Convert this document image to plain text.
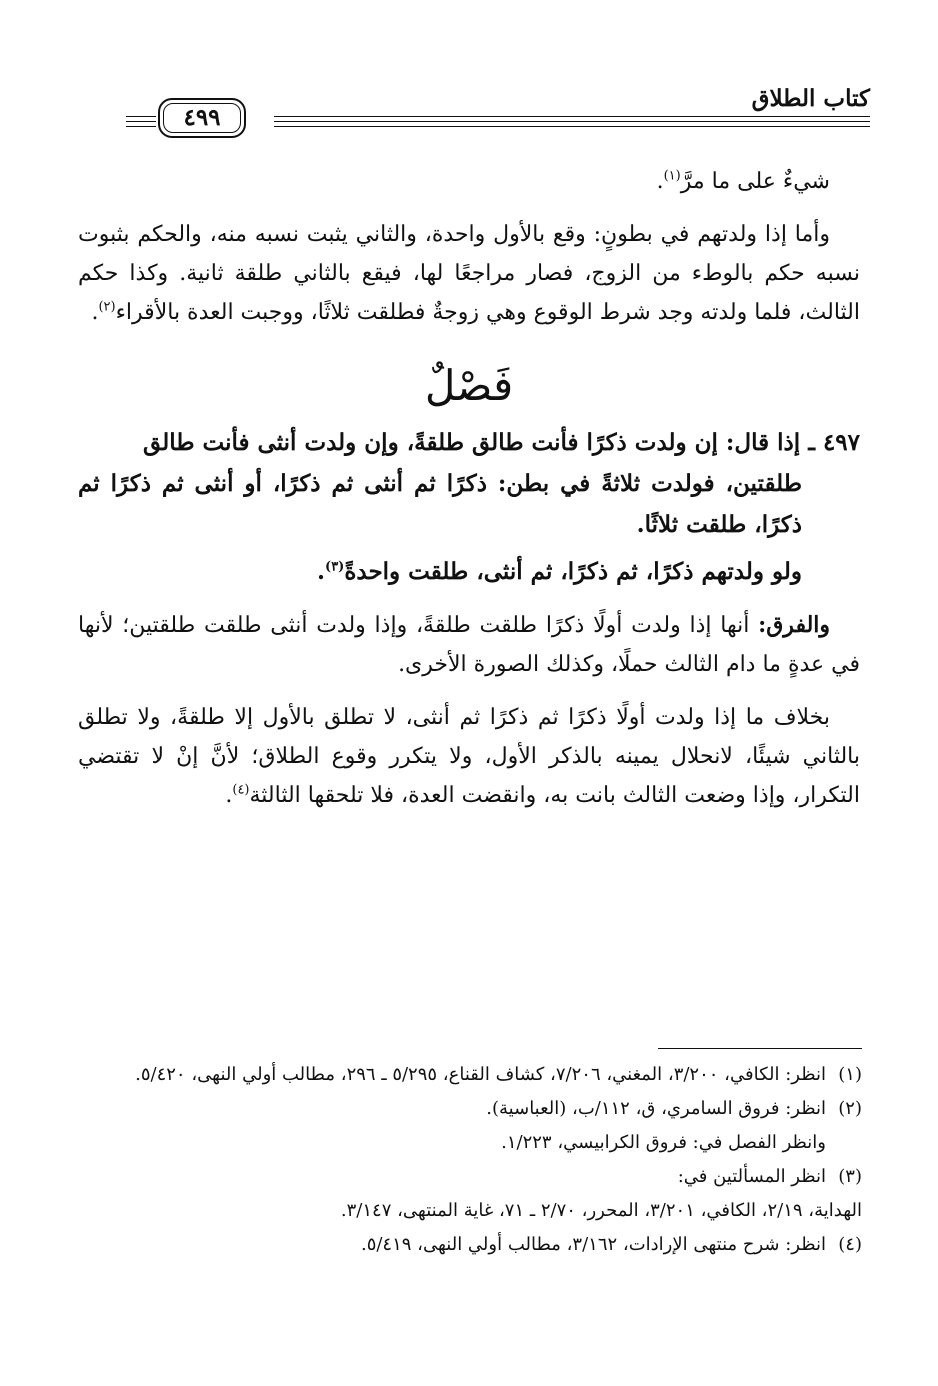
كتاب الطلاق
٤٩٩

شيءٌ على ما مرَّ$^{(١)}$.

وأما إذا ولدتهم في بطونٍ: وقع بالأول واحدة، والثاني يثبت نسبه منه، والحكم بثبوت نسبه حكم بالوطء من الزوج، فصار مراجعًا لها، فيقع بالثاني طلقة ثانية. وكذا حكم الثالث، فلما ولدته وجد شرط الوقوع وهي زوجةٌ فطلقت ثلاثًا، ووجبت العدة بالأقراء$^{(٢)}$.

فَصْلٌ

٤٩٧ ـ إذا قال: إن ولدت ذكرًا فأنت طالق طلقةً، وإن ولدت أنثى فأنت طالق

طلقتين، فولدت ثلاثةً في بطن: ذكرًا ثم أنثى ثم ذكرًا، أو أنثى ثم ذكرًا ثم ذكرًا، طلقت ثلاثًا.

ولو ولدتهم ذكرًا، ثم ذكرًا، ثم أنثى، طلقت واحدةً$^{(٣)}$.

والفرق: أنها إذا ولدت أولًا ذكرًا طلقت طلقةً، وإذا ولدت أنثى طلقت طلقتين؛ لأنها في عدةٍ ما دام الثالث حملًا، وكذلك الصورة الأخرى.

بخلاف ما إذا ولدت أولًا ذكرًا ثم ذكرًا ثم أنثى، لا تطلق بالأول إلا طلقةً، ولا تطلق بالثاني شيئًا، لانحلال يمينه بالذكر الأول، ولا يتكرر وقوع الطلاق؛ لأنَّ إنْ لا تقتضي التكرار، وإذا وضعت الثالث بانت به، وانقضت العدة، فلا تلحقها الثالثة$^{(٤)}$.

(١)انظر: الكافي، ٣/٢٠٠، المغني، ٧/٢٠٦، كشاف القناع، ٥/٢٩٥ ـ ٢٩٦، مطالب أولي النهى، ٥/٤٢٠.

(٢)انظر: فروق السامري، ق، ١١٢/ب، (العباسية).

وانظر الفصل في: فروق الكرابيسي، ١/٢٢٣.

(٣)انظر المسألتين في:

الهداية، ٢/١٩، الكافي، ٣/٢٠١، المحرر، ٢/٧٠ ـ ٧١، غاية المنتهى، ٣/١٤٧.

(٤)انظر: شرح منتهى الإرادات، ٣/١٦٢، مطالب أولي النهى، ٥/٤١٩.
